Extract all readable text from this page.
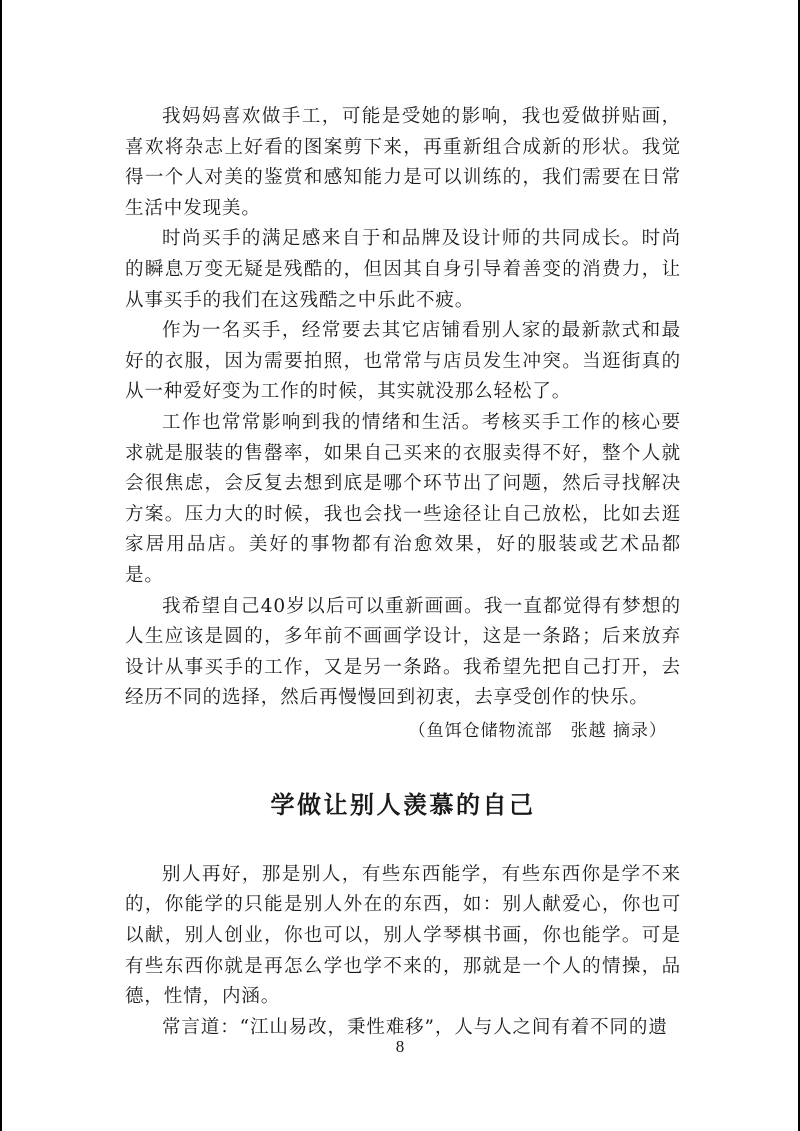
我妈妈喜欢做手工，可能是受她的影响，我也爱做拼贴画，喜欢将杂志上好看的图案剪下来，再重新组合成新的形状。我觉得一个人对美的鉴赏和感知能力是可以训练的，我们需要在日常生活中发现美。

时尚买手的满足感来自于和品牌及设计师的共同成长。时尚的瞬息万变无疑是残酷的，但因其自身引导着善变的消费力，让从事买手的我们在这残酷之中乐此不疲。

作为一名买手，经常要去其它店铺看别人家的最新款式和最好的衣服，因为需要拍照，也常常与店员发生冲突。当逛街真的从一种爱好变为工作的时候，其实就没那么轻松了。

工作也常常影响到我的情绪和生活。考核买手工作的核心要求就是服装的售罄率，如果自己买来的衣服卖得不好，整个人就会很焦虑，会反复去想到底是哪个环节出了问题，然后寻找解决方案。压力大的时候，我也会找一些途径让自己放松，比如去逛家居用品店。美好的事物都有治愈效果，好的服装或艺术品都是。

我希望自己40岁以后可以重新画画。我一直都觉得有梦想的人生应该是圆的，多年前不画画学设计，这是一条路；后来放弃设计从事买手的工作，又是另一条路。我希望先把自己打开，去经历不同的选择，然后再慢慢回到初衷，去享受创作的快乐。

（鱼饵仓储物流部　张越 摘录）

学做让别人羡慕的自己

别人再好，那是别人，有些东西能学，有些东西你是学不来的，你能学的只能是别人外在的东西，如：别人献爱心，你也可以献，别人创业，你也可以，别人学琴棋书画，你也能学。可是有些东西你就是再怎么学也学不来的，那就是一个人的情操，品德，性情，内涵。

常言道：“江山易改，秉性难移”，人与人之间有着不同的遗

8
